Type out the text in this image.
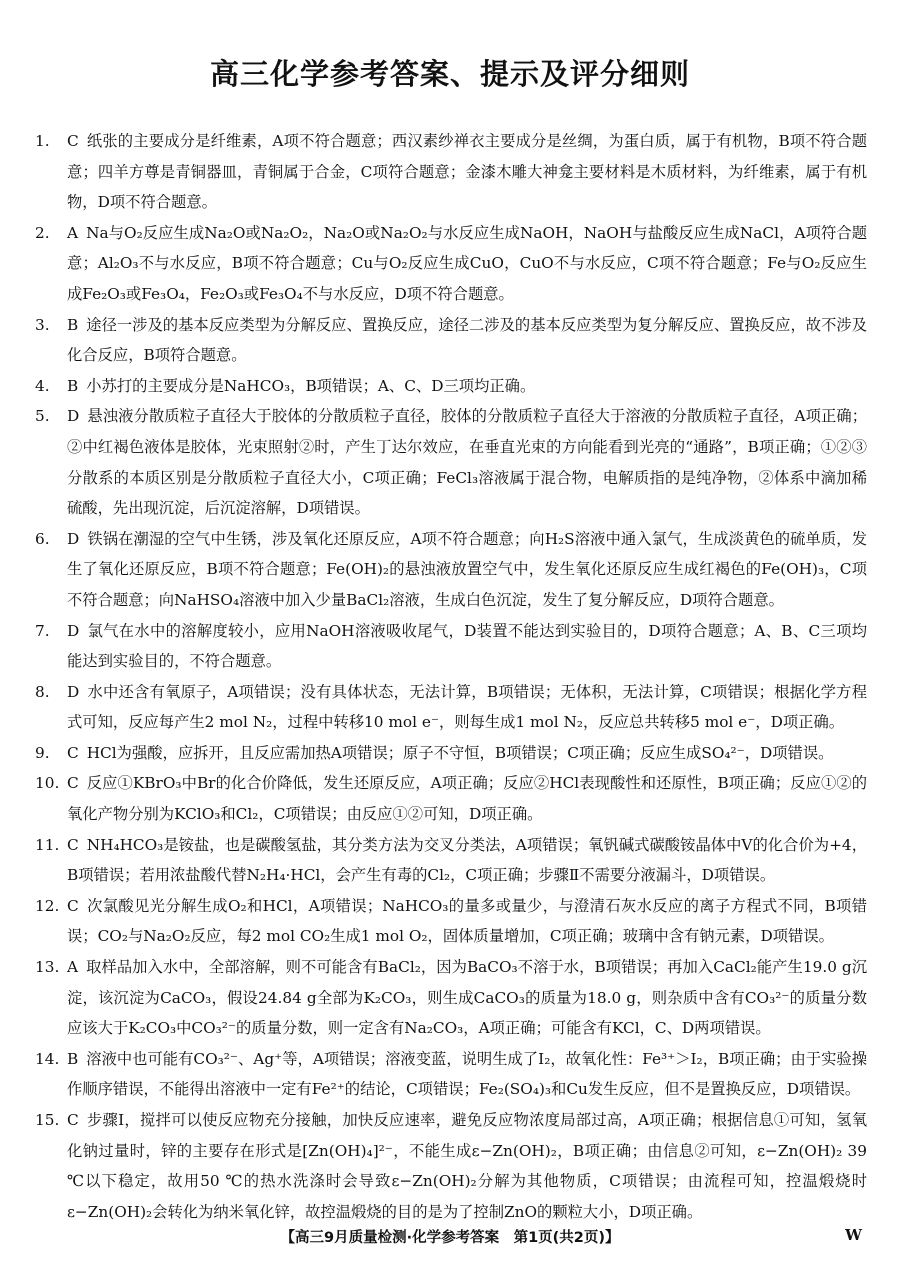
高三化学参考答案、提示及评分细则

1. C 纸张的主要成分是纤维素，A项不符合题意；西汉素纱禅衣主要成分是丝绸，为蛋白质，属于有机物，B项不符合题意；四羊方尊是青铜器皿，青铜属于合金，C项符合题意；金漆木雕大神龛主要材料是木质材料，为纤维素，属于有机物，D项不符合题意。

2. A Na与O₂反应生成Na₂O或Na₂O₂，Na₂O或Na₂O₂与水反应生成NaOH，NaOH与盐酸反应生成NaCl，A项符合题意；Al₂O₃不与水反应，B项不符合题意；Cu与O₂反应生成CuO，CuO不与水反应，C项不符合题意；Fe与O₂反应生成Fe₂O₃或Fe₃O₄，Fe₂O₃或Fe₃O₄不与水反应，D项不符合题意。

3. B 途径一涉及的基本反应类型为分解反应、置换反应，途径二涉及的基本反应类型为复分解反应、置换反应，故不涉及化合反应，B项符合题意。

4. B 小苏打的主要成分是NaHCO₃，B项错误；A、C、D三项均正确。

5. D 悬浊液分散质粒子直径大于胶体的分散质粒子直径，胶体的分散质粒子直径大于溶液的分散质粒子直径，A项正确；②中红褐色液体是胶体，光束照射②时，产生丁达尔效应，在垂直光束的方向能看到光亮的“通路”，B项正确；①②③分散系的本质区别是分散质粒子直径大小，C项正确；FeCl₃溶液属于混合物，电解质指的是纯净物，②体系中滴加稀硫酸，先出现沉淀，后沉淀溶解，D项错误。

6. D 铁锅在潮湿的空气中生锈，涉及氧化还原反应，A项不符合题意；向H₂S溶液中通入氯气，生成淡黄色的硫单质，发生了氧化还原反应，B项不符合题意；Fe(OH)₂的悬浊液放置空气中，发生氧化还原反应生成红褐色的Fe(OH)₃，C项不符合题意；向NaHSO₄溶液中加入少量BaCl₂溶液，生成白色沉淀，发生了复分解反应，D项符合题意。

7. D 氯气在水中的溶解度较小，应用NaOH溶液吸收尾气，D装置不能达到实验目的，D项符合题意；A、B、C三项均能达到实验目的，不符合题意。

8. D 水中还含有氧原子，A项错误；没有具体状态，无法计算，B项错误；无体积，无法计算，C项错误；根据化学方程式可知，反应每产生2 mol N₂，过程中转移10 mol e⁻，则每生成1 mol N₂，反应总共转移5 mol e⁻，D项正确。

9. C HCl为强酸，应拆开，且反应需加热A项错误；原子不守恒，B项错误；C项正确；反应生成SO₄²⁻，D项错误。

10. C 反应①KBrO₃中Br的化合价降低，发生还原反应，A项正确；反应②HCl表现酸性和还原性，B项正确；反应①②的氧化产物分别为KClO₃和Cl₂，C项错误；由反应①②可知，D项正确。

11. C NH₄HCO₃是铵盐，也是碳酸氢盐，其分类方法为交叉分类法，A项错误；氧钒碱式碳酸铵晶体中V的化合价为+4，B项错误；若用浓盐酸代替N₂H₄·HCl，会产生有毒的Cl₂，C项正确；步骤Ⅱ不需要分液漏斗，D项错误。

12. C 次氯酸见光分解生成O₂和HCl，A项错误；NaHCO₃的量多或量少，与澄清石灰水反应的离子方程式不同，B项错误；CO₂与Na₂O₂反应，每2 mol CO₂生成1 mol O₂，固体质量增加，C项正确；玻璃中含有钠元素，D项错误。

13. A 取样品加入水中，全部溶解，则不可能含有BaCl₂，因为BaCO₃不溶于水，B项错误；再加入CaCl₂能产生19.0 g沉淀，该沉淀为CaCO₃，假设24.84 g全部为K₂CO₃，则生成CaCO₃的质量为18.0 g，则杂质中含有CO₃²⁻的质量分数应该大于K₂CO₃中CO₃²⁻的质量分数，则一定含有Na₂CO₃，A项正确；可能含有KCl，C、D两项错误。

14. B 溶液中也可能有CO₃²⁻、Ag⁺等，A项错误；溶液变蓝，说明生成了I₂，故氧化性：Fe³⁺＞I₂，B项正确；由于实验操作顺序错误，不能得出溶液中一定有Fe²⁺的结论，C项错误；Fe₂(SO₄)₃和Cu发生反应，但不是置换反应，D项错误。

15. C 步骤Ⅰ，搅拌可以使反应物充分接触，加快反应速率，避免反应物浓度局部过高，A项正确；根据信息①可知，氢氧化钠过量时，锌的主要存在形式是[Zn(OH)₄]²⁻，不能生成ε−Zn(OH)₂，B项正确；由信息②可知，ε−Zn(OH)₂ 39 ℃以下稳定，故用50 ℃的热水洗涤时会导致ε−Zn(OH)₂分解为其他物质，C项错误；由流程可知，控温煅烧时ε−Zn(OH)₂会转化为纳米氧化锌，故控温煅烧的目的是为了控制ZnO的颗粒大小，D项正确。

【高三9月质量检测·化学参考答案　第1页(共2页)】	W
